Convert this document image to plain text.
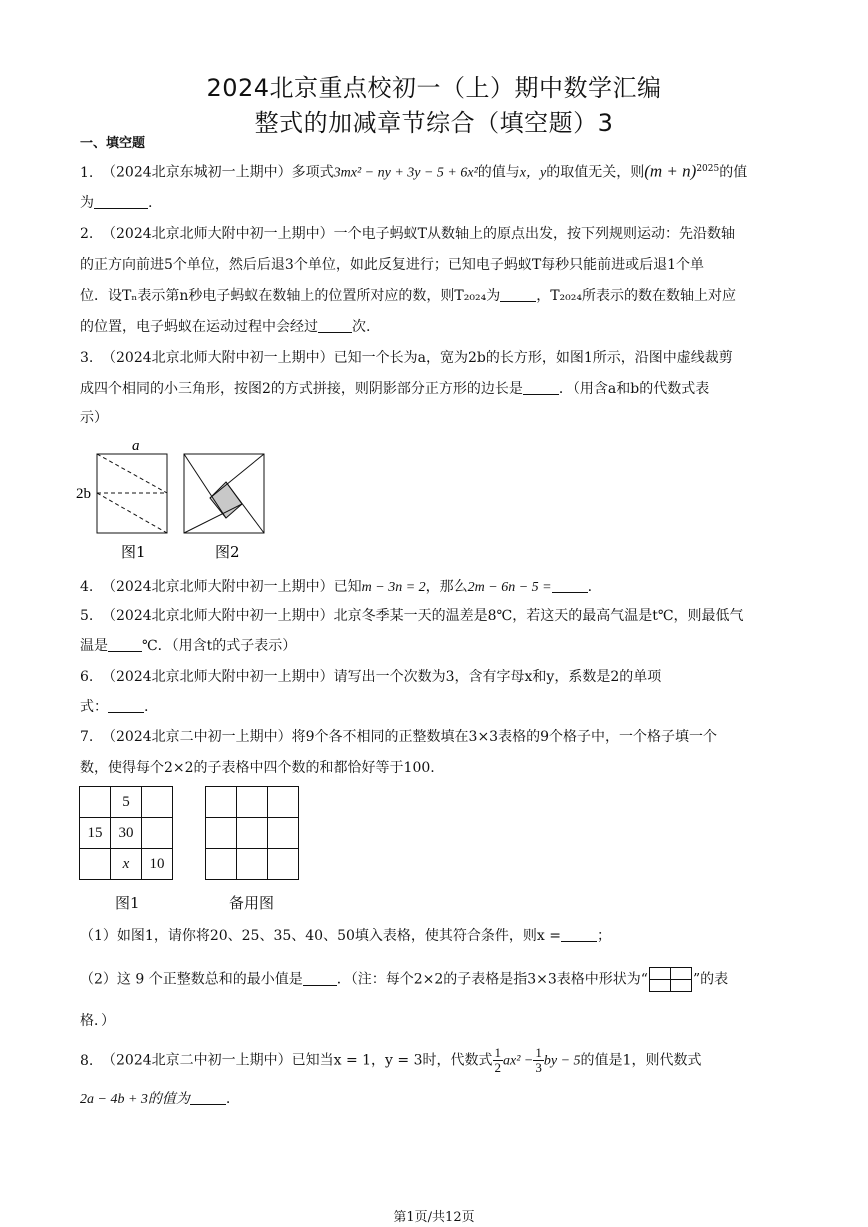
2024北京重点校初一（上）期中数学汇编
整式的加减章节综合（填空题）3
一、填空题
1. （2024北京东城初一上期中）多项式3mx² − ny + 3y − 5 + 6x²的值与x，y的取值无关，则$(m + n)^{2025}$的值
为	.
2. （2024北京北师大附中初一上期中）一个电子蚂蚁T从数轴上的原点出发，按下列规则运动：先沿数轴
的正方向前进5个单位，然后后退3个单位，如此反复进行；已知电子蚂蚁T每秒只能前进或后退1个单
位．设Tₙ表示第n秒电子蚂蚁在数轴上的位置所对应的数，则T₂₀₂₄为	，T₂₀₂₄所表示的数在数轴上对应
的位置，电子蚂蚁在运动过程中会经过 次.
3. （2024北京北师大附中初一上期中）已知一个长为a，宽为2b的长方形，如图1所示，沿图中虚线裁剪
成四个相同的小三角形，按图2的方式拼接，则阴影部分正方形的边长是	．（用含a和b的代数式表
示）
a
2b
图1	图2
4. （2024北京北师大附中初一上期中）已知m − 3n = 2，那么2m − 6n − 5 =	.
5. （2024北京北师大附中初一上期中）北京冬季某一天的温差是8℃，若这天的最高气温是t℃，则最低气
温是 ℃．（用含t的式子表示）
6. （2024北京北师大附中初一上期中）请写出一个次数为3，含有字母x和y，系数是2的单项
式：	.
7. （2024北京二中初一上期中）将9个各不相同的正整数填在3×3表格的9个格子中，一个格子填一个
数，使得每个2×2的子表格中四个数的和都恰好等于100.
	5	
15	30	
	x	10

图1	备用图
（1）如图1，请你将20、25、35、40、50填入表格，使其符合条件，则x =	；
（2）这 9 个正整数总和的最小值是 ．（注：每个2×2的子表格是指3×3表格中形状为“	
		”的表
格．）
8. （2024北京二中初一上期中）已知当x = 1，y = 3时，代数式 $\frac{1}{2} ax^2 - \frac{1}{3}$ by − 5的值是1，则代数式
2a − 4b + 3的值为	.
第1页/共12页
